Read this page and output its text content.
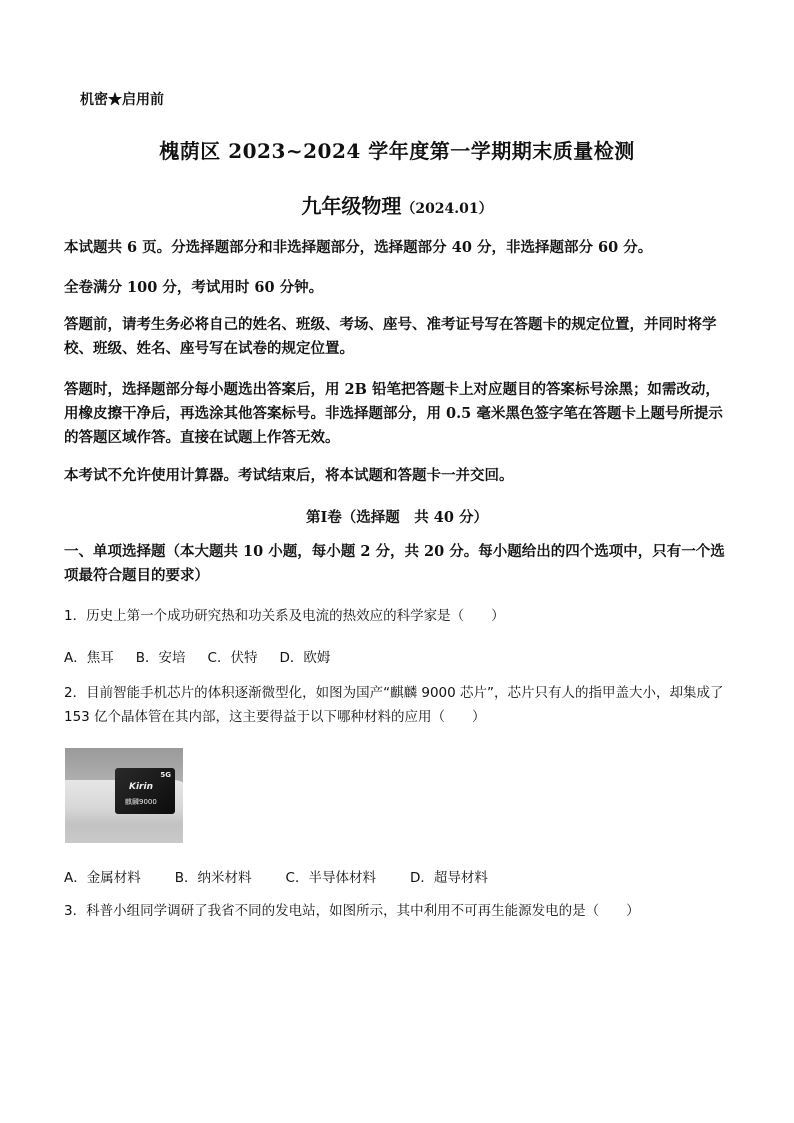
机密★启用前
槐荫区 2023~2024 学年度第一学期期末质量检测
九年级物理（2024.01）
本试题共 6 页。分选择题部分和非选择题部分，选择题部分 40 分，非选择题部分 60 分。
全卷满分 100 分，考试用时 60 分钟。
答题前，请考生务必将自己的姓名、班级、考场、座号、准考证号写在答题卡的规定位置，并同时将学校、班级、姓名、座号写在试卷的规定位置。
答题时，选择题部分每小题选出答案后，用 2B 铅笔把答题卡上对应题目的答案标号涂黑；如需改动，用橡皮擦干净后，再选涂其他答案标号。非选择题部分，用 0.5 毫米黑色签字笔在答题卡上题号所提示的答题区域作答。直接在试题上作答无效。
本考试不允许使用计算器。考试结束后，将本试题和答题卡一并交回。
第Ⅰ卷（选择题　共 40 分）
一、单项选择题（本大题共 10 小题，每小题 2 分，共 20 分。每小题给出的四个选项中，只有一个选项最符合题目的要求）
1．历史上第一个成功研究热和功关系及电流的热效应的科学家是（　　）
A．焦耳 B．安培 C．伏特 D．欧姆
2．目前智能手机芯片的体积逐渐微型化，如图为国产“麒麟 9000 芯片”，芯片只有人的指甲盖大小，却集成了 153 亿个晶体管在其内部，这主要得益于以下哪种材料的应用（　　）
5G
Kirin
麒麟9000
A．金属材料	B．纳米材料	C．半导体材料	D．超导材料
3．科普小组同学调研了我省不同的发电站，如图所示，其中利用不可再生能源发电的是（　　）
